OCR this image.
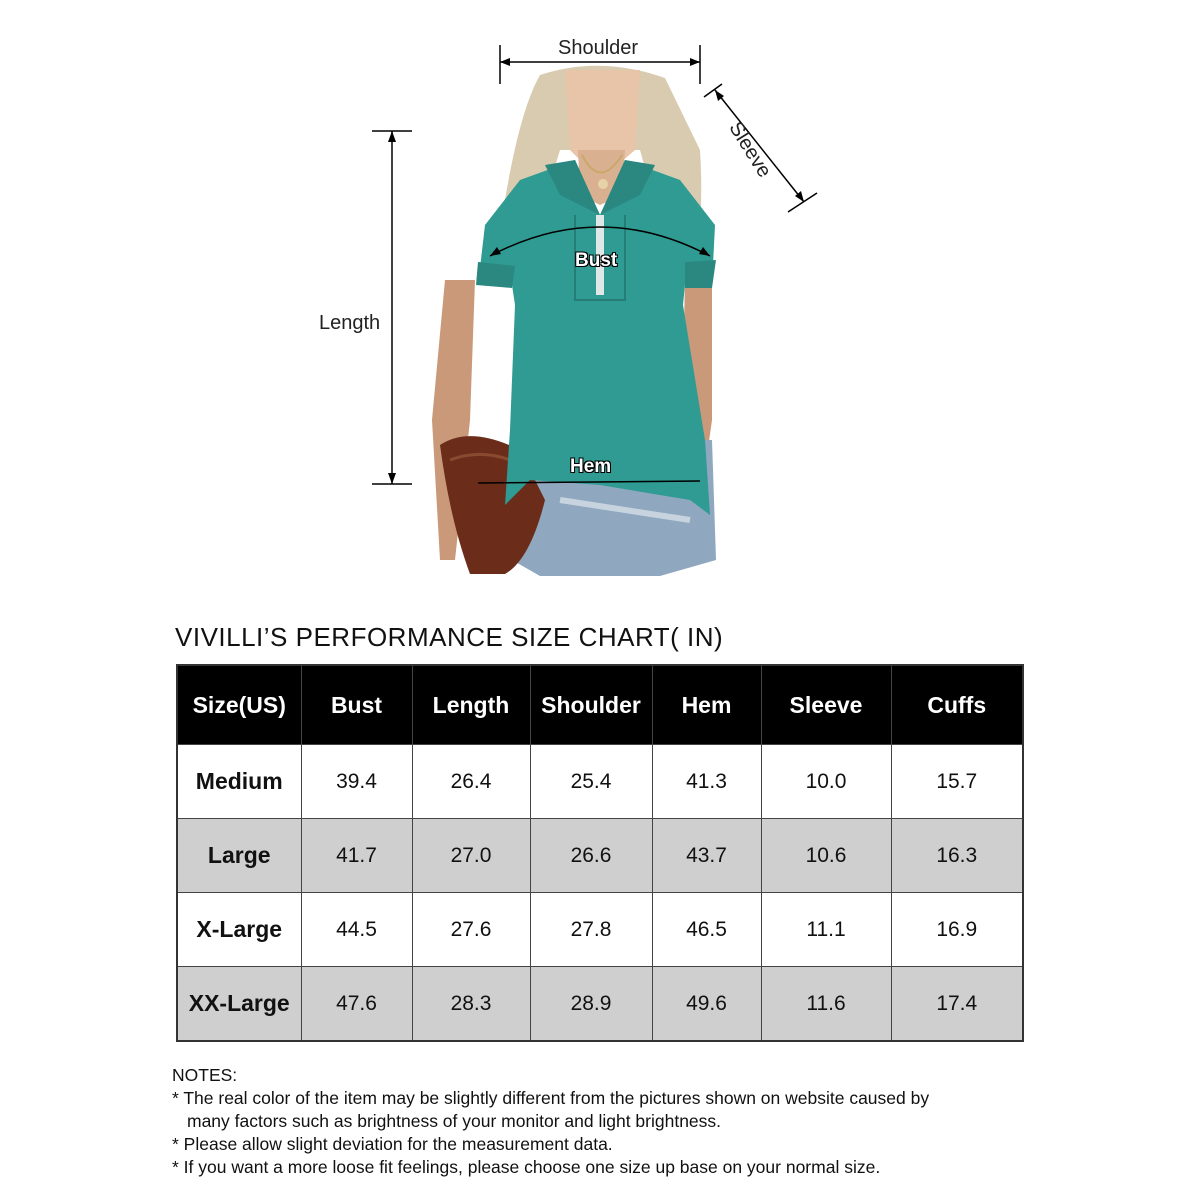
Shoulder
Sleeve
Length
Bust
Hem
VIVILLI’S PERFORMANCE SIZE CHART( IN)
Size(US)	Bust	Length	Shoulder	Hem	Sleeve	Cuffs
Medium	39.4	26.4	25.4	41.3	10.0	15.7
Large	41.7	27.0	26.6	43.7	10.6	16.3
X-Large	44.5	27.6	27.8	46.5	11.1	16.9
XX-Large	47.6	28.3	28.9	49.6	11.6	17.4
NOTES:
* The real color of the item may be slightly different from the pictures shown on website caused by
many factors such as brightness of your monitor and light brightness.
* Please allow slight deviation for the measurement data.
* If you want a more loose fit feelings, please choose one size up base on your normal size.
